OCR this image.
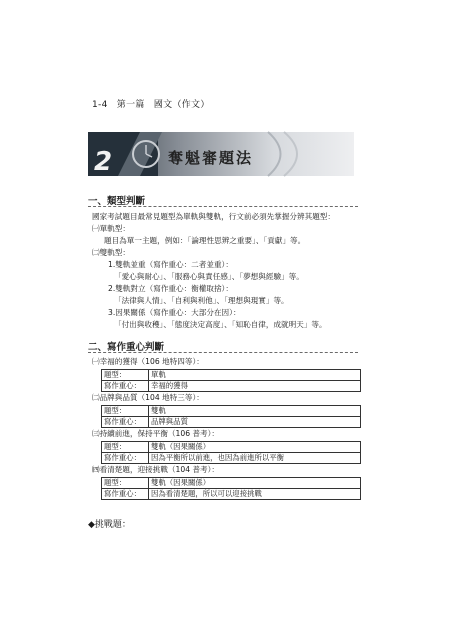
1-4 第一篇 國文（作文）
2	奪魁審題法
一、類型判斷
國家考試題目最常見題型為單軌與雙軌，行文前必須先掌握分辨其題型：
㈠單軌型：
題目為單一主題，例如：「論理性思辨之重要」、「貢獻」等。
㈡雙軌型：
1.雙軌並重（寫作重心：二者並重）：
「愛心與耐心」、「服務心與責任感」、「夢想與經驗」等。
2.雙軌對立（寫作重心：衡權取捨）：
「法律與人情」、「自利與利他」、「理想與現實」等。
3.因果關係（寫作重心：大部分在因）：
「付出與收穫」、「態度決定高度」、「知恥自律，成就明天」等。
二、寫作重心判斷
㈠幸福的獲得（106 地特四等）：
題型：	單軌
寫作重心：	幸福的獲得
㈡品牌與品質（104 地特三等）：
題型：	雙軌
寫作重心：	品牌與品質
㈢持續前進，保持平衡（106 普考）：
題型：	雙軌（因果關係）
寫作重心：	因為平衡所以前進，也因為前進所以平衡
㈣看清楚題，迎接挑戰（104 普考）：
題型：	雙軌（因果關係）
寫作重心：	因為看清楚題，所以可以迎接挑戰
◆挑戰題：
